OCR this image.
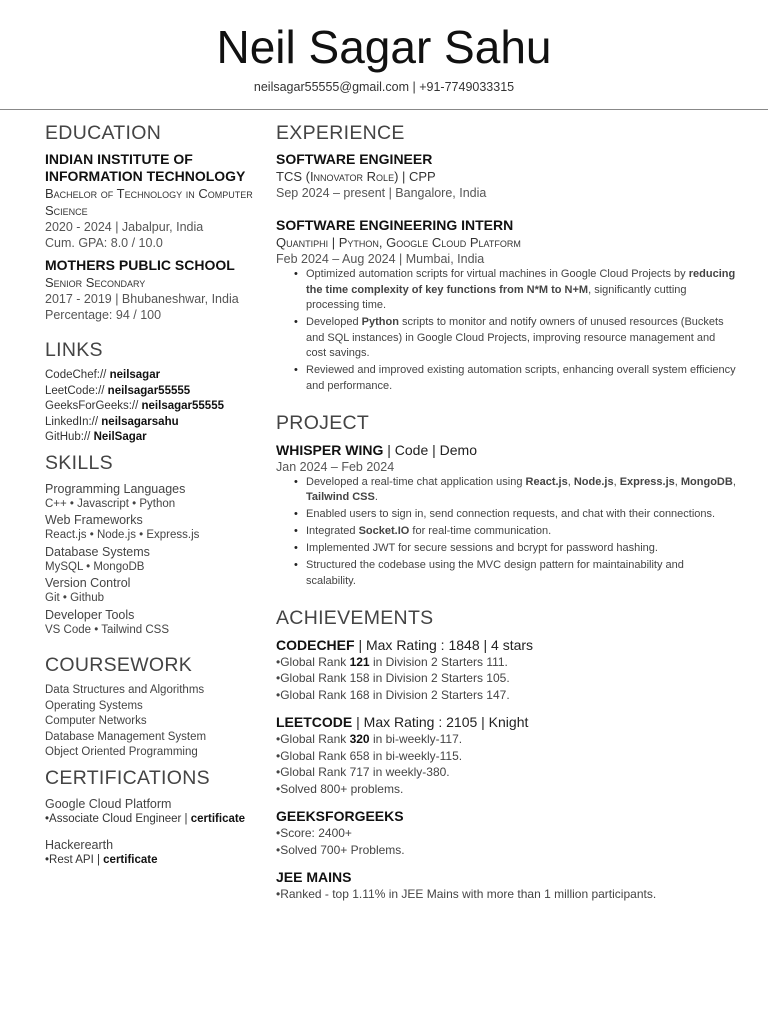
Neil Sagar Sahu
neilsagar55555@gmail.com | +91-7749033315
EDUCATION
INDIAN INSTITUTE OF INFORMATION TECHNOLOGY
Bachelor of Technology in Computer Science
2020 - 2024 | Jabalpur, India
Cum. GPA: 8.0 / 10.0
MOTHERS PUBLIC SCHOOL
Senior Secondary
2017 - 2019 | Bhubaneshwar, India
Percentage: 94 / 100
LINKS
CodeChef:// neilsagar
LeetCode:// neilsagar55555
GeeksForGeeks:// neilsagar55555
LinkedIn:// neilsagarsahu
GitHub:// NeilSagar
SKILLS
Programming Languages
C++ • Javascript • Python
Web Frameworks
React.js • Node.js • Express.js
Database Systems
MySQL • MongoDB
Version Control
Git • Github
Developer Tools
VS Code • Tailwind CSS
COURSEWORK
Data Structures and Algorithms
Operating Systems
Computer Networks
Database Management System
Object Oriented Programming
CERTIFICATIONS
Google Cloud Platform
•Associate Cloud Engineer | certificate
Hackerearth
•Rest API | certificate
EXPERIENCE
SOFTWARE ENGINEER
TCS (Innovator Role) | CPP
Sep 2024 – present | Bangalore, India
SOFTWARE ENGINEERING INTERN
Quantiphi | Python, Google Cloud Platform
Feb 2024 – Aug 2024 | Mumbai, India
• Optimized automation scripts for virtual machines in Google Cloud Projects by reducing the time complexity of key functions from N*M to N+M, significantly cutting processing time.
• Developed Python scripts to monitor and notify owners of unused resources (Buckets and SQL instances) in Google Cloud Projects, improving resource management and cost savings.
• Reviewed and improved existing automation scripts, enhancing overall system efficiency and performance.
PROJECT
WHISPER WING | Code | Demo
Jan 2024 – Feb 2024
• Developed a real-time chat application using React.js, Node.js, Express.js, MongoDB, Tailwind CSS.
• Enabled users to sign in, send connection requests, and chat with their connections.
• Integrated Socket.IO for real-time communication.
• Implemented JWT for secure sessions and bcrypt for password hashing.
• Structured the codebase using the MVC design pattern for maintainability and scalability.
ACHIEVEMENTS
CODECHEF | Max Rating : 1848 | 4 stars
•Global Rank 121 in Division 2 Starters 111.
•Global Rank 158 in Division 2 Starters 105.
•Global Rank 168 in Division 2 Starters 147.
LEETCODE | Max Rating : 2105 | Knight
•Global Rank 320 in bi-weekly-117.
•Global Rank 658 in bi-weekly-115.
•Global Rank 717 in weekly-380.
•Solved 800+ problems.
GEEKSFORGEEKS
•Score: 2400+
•Solved 700+ Problems.
JEE MAINS
•Ranked - top 1.11% in JEE Mains with more than 1 million participants.
